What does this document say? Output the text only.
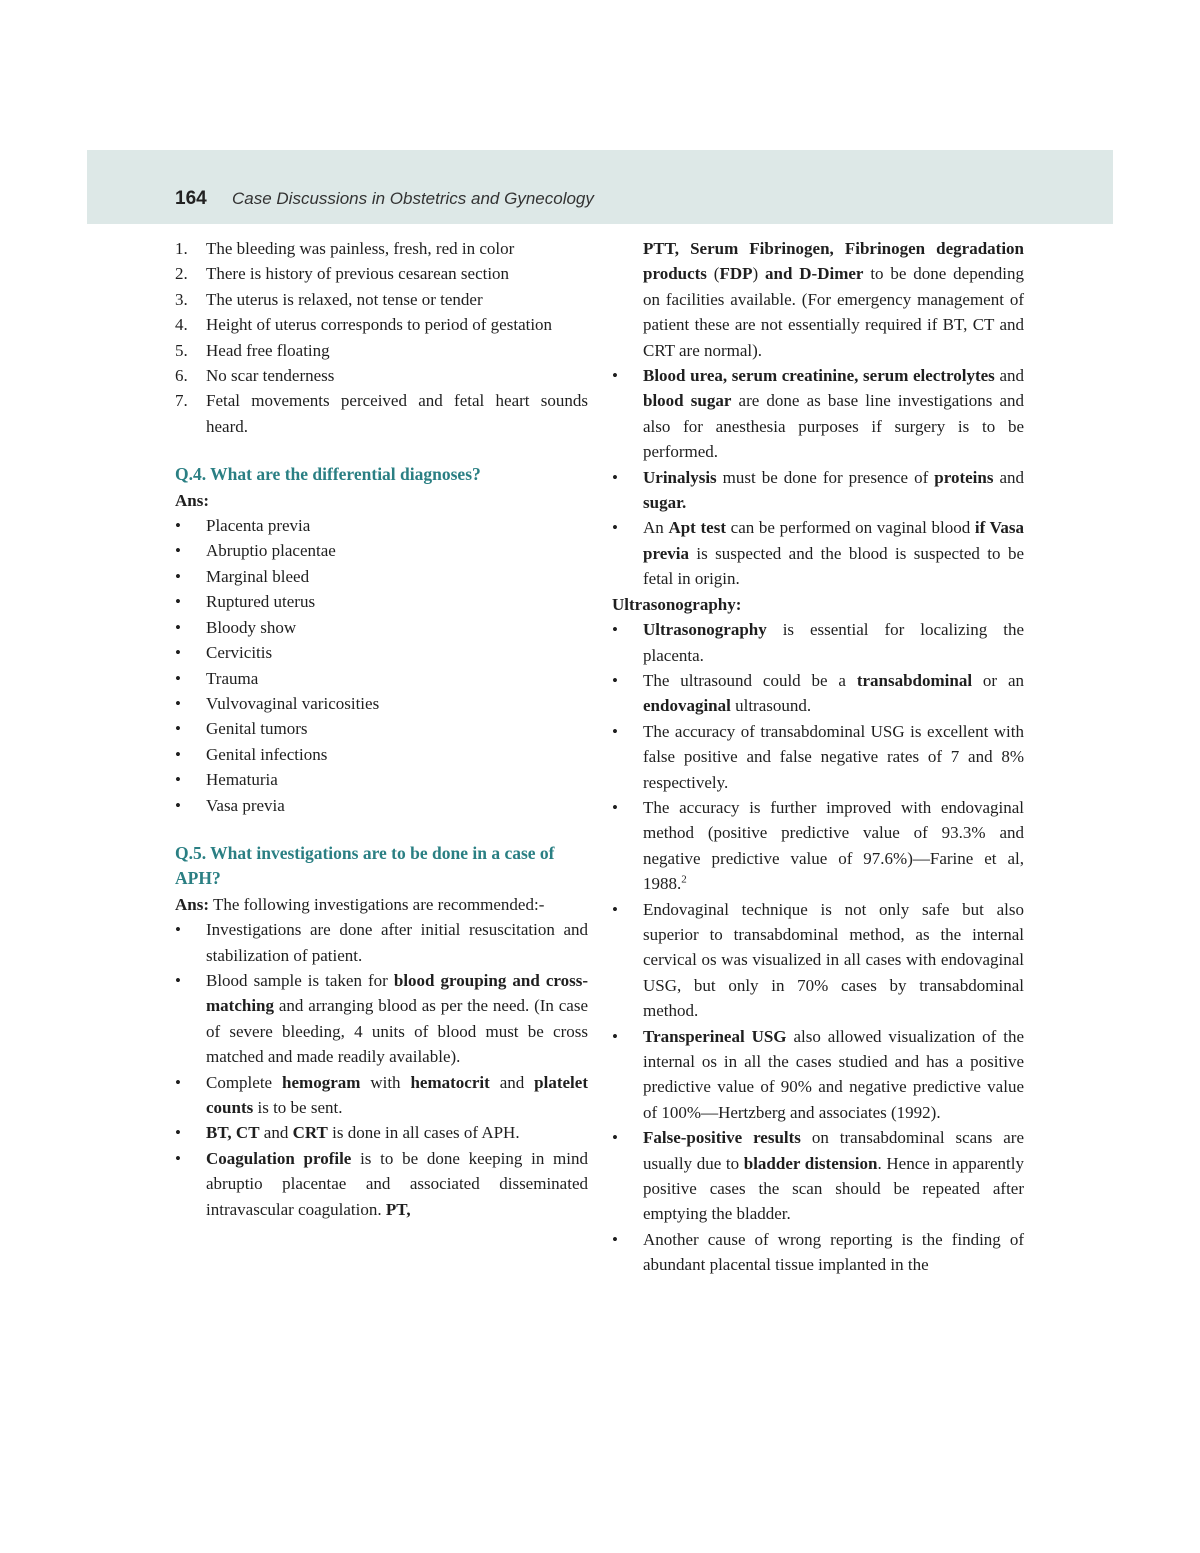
164 Case Discussions in Obstetrics and Gynecology
1. The bleeding was painless, fresh, red in color
2. There is history of previous cesarean section
3. The uterus is relaxed, not tense or tender
4. Height of uterus corresponds to period of gestation
5. Head free floating
6. No scar tenderness
7. Fetal movements perceived and fetal heart sounds heard.
Q.4. What are the differential diagnoses?
Ans:
• Placenta previa
• Abruptio placentae
• Marginal bleed
• Ruptured uterus
• Bloody show
• Cervicitis
• Trauma
• Vulvovaginal varicosities
• Genital tumors
• Genital infections
• Hematuria
• Vasa previa
Q.5. What investigations are to be done in a case of APH?
Ans: The following investigations are recommended:-
• Investigations are done after initial resuscitation and stabilization of patient.
• Blood sample is taken for blood grouping and cross-matching and arranging blood as per the need. (In case of severe bleeding, 4 units of blood must be cross matched and made readily available).
• Complete hemogram with hematocrit and platelet counts is to be sent.
• BT, CT and CRT is done in all cases of APH.
• Coagulation profile is to be done keeping in mind abruptio placentae and associated disseminated intravascular coagulation. PT,
PTT, Serum Fibrinogen, Fibrinogen degradation products (FDP) and D-Dimer to be done depending on facilities available. (For emergency management of patient these are not essentially required if BT, CT and CRT are normal).
• Blood urea, serum creatinine, serum electrolytes and blood sugar are done as base line investigations and also for anesthesia purposes if surgery is to be performed.
• Urinalysis must be done for presence of proteins and sugar.
• An Apt test can be performed on vaginal blood if Vasa previa is suspected and the blood is suspected to be fetal in origin.
Ultrasonography:
• Ultrasonography is essential for localizing the placenta.
• The ultrasound could be a transabdominal or an endovaginal ultrasound.
• The accuracy of transabdominal USG is excellent with false positive and false negative rates of 7 and 8% respectively.
• The accuracy is further improved with endovaginal method (positive predictive value of 93.3% and negative predictive value of 97.6%)—Farine et al, 1988.$^2$
• Endovaginal technique is not only safe but also superior to transabdominal method, as the internal cervical os was visualized in all cases with endovaginal USG, but only in 70% cases by transabdominal method.
• Transperineal USG also allowed visualization of the internal os in all the cases studied and has a positive predictive value of 90% and negative predictive value of 100%—Hertzberg and associates (1992).
• False-positive results on transabdominal scans are usually due to bladder distension. Hence in apparently positive cases the scan should be repeated after emptying the bladder.
• Another cause of wrong reporting is the finding of abundant placental tissue implanted in the
